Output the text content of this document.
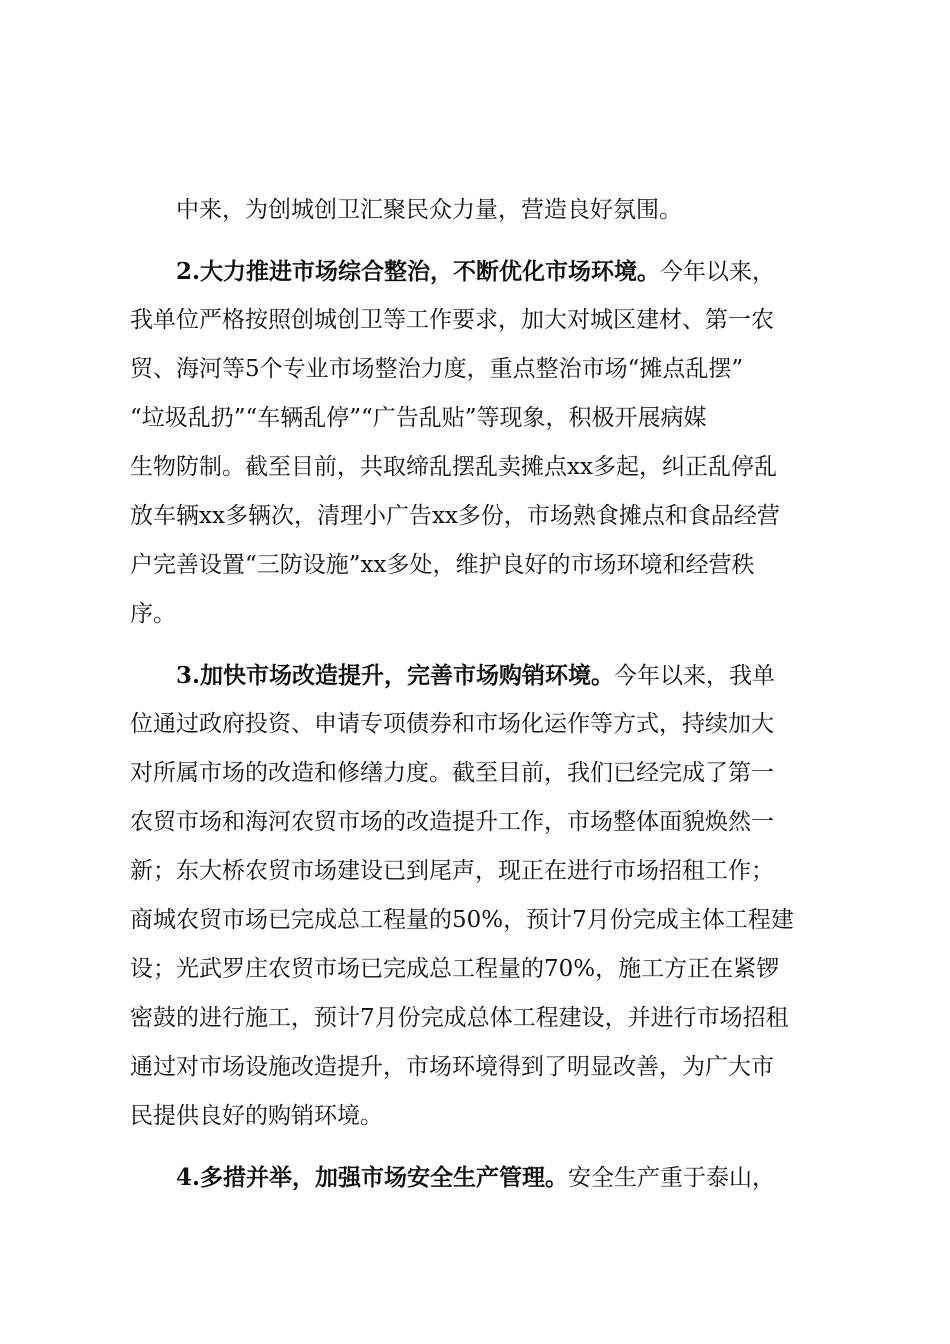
中来，为创城创卫汇聚民众力量，营造良好氛围。
2.大力推进市场综合整治，不断优化市场环境。今年以来，
我单位严格按照创城创卫等工作要求，加大对城区建材、第一农
贸、海河等5个专业市场整治力度，重点整治市场“摊点乱摆”
“垃圾乱扔”“车辆乱停”“广告乱贴”等现象，积极开展病媒
生物防制。截至目前，共取缔乱摆乱卖摊点xx多起，纠正乱停乱
放车辆xx多辆次，清理小广告xx多份，市场熟食摊点和食品经营
户完善设置“三防设施”xx多处，维护良好的市场环境和经营秩
序。
3.加快市场改造提升，完善市场购销环境。今年以来，我单
位通过政府投资、申请专项债券和市场化运作等方式，持续加大
对所属市场的改造和修缮力度。截至目前，我们已经完成了第一
农贸市场和海河农贸市场的改造提升工作，市场整体面貌焕然一
新；东大桥农贸市场建设已到尾声，现正在进行市场招租工作；
商城农贸市场已完成总工程量的50%，预计7月份完成主体工程建
设；光武罗庄农贸市场已完成总工程量的70%，施工方正在紧锣
密鼓的进行施工，预计7月份完成总体工程建设，并进行市场招租
通过对市场设施改造提升，市场环境得到了明显改善，为广大市
民提供良好的购销环境。
4.多措并举，加强市场安全生产管理。安全生产重于泰山，
